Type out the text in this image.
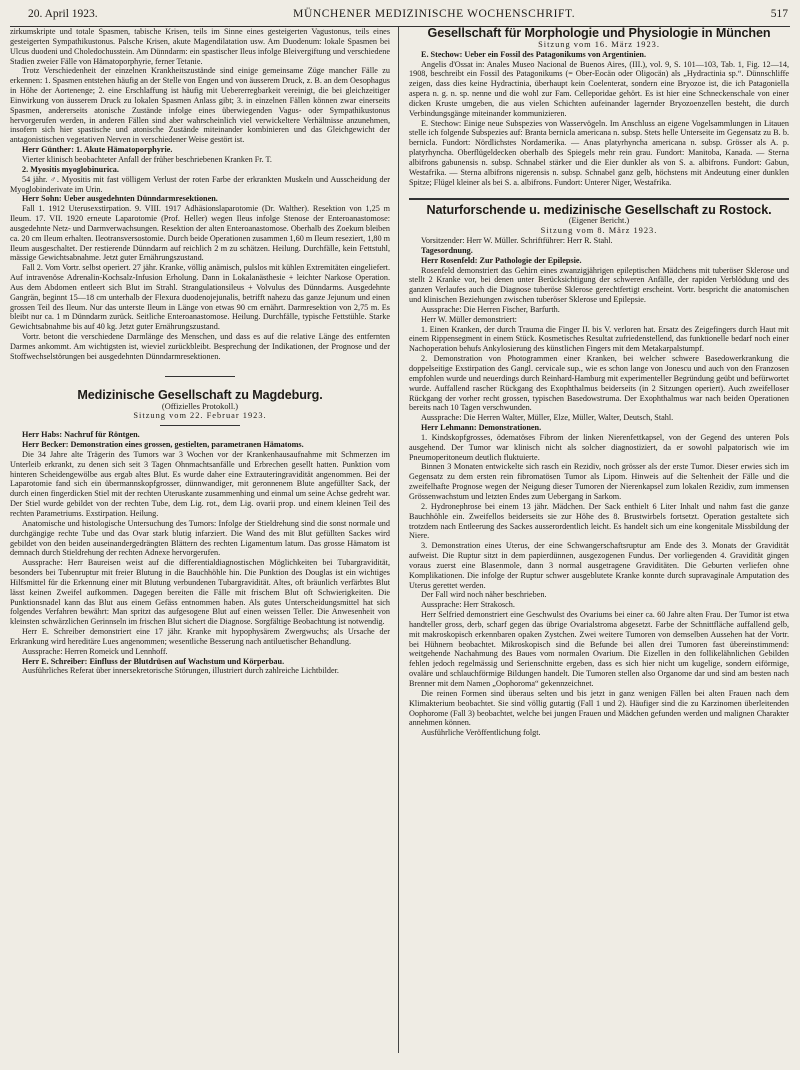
20. April 1923.	MÜNCHENER MEDIZINISCHE WOCHENSCHRIFT.	517

zirkumskripte und totale Spasmen, tabische Krisen, teils im Sinne eines gesteigerten Vagustonus, teils eines gesteigerten Sympathikustonus. Palsche Krisen, akute Magendilatation usw. Am Duodenum: lokale Spasmen bei Ulcus duodeni und Choledochusstein. Am Dünndarm: ein spastischer Ileus infolge Bleivergiftung und verschiedene Stadien zweier Fälle von Hämatoporphyrie, ferner Tetanie.

Trotz Verschiedenheit der einzelnen Krankheitszustände sind einige gemeinsame Züge mancher Fälle zu erkennen: 1. Spasmen entstehen häufig an der Stelle von Engen und von äusserem Druck, z. B. an dem Oesophagus in Höhe der Aortenenge; 2. eine Erschlaffung ist häufig mit Uebererregbarkeit vereinigt, die bei gleichzeitiger Einwirkung von äusserem Druck zu lokalen Spasmen Anlass gibt; 3. in einzelnen Fällen können zwar einerseits Spasmen, andererseits atonische Zustände infolge eines überwiegenden Vagus- oder Sympathikustonus hervorgerufen werden, in anderen Fällen sind aber wahrscheinlich viel verwickeltere Verhältnisse anzunehmen, insofern sich hier spastische und atonische Zustände miteinander kombinieren und das Gleichgewicht der antagonistischen vegetativen Nerven in verschiedener Weise gestört ist.

Herr Günther: 1. Akute Hämatoporphyrie.

Vierter klinisch beobachteter Anfall der früher beschriebenen Kranken Fr. T.

2. Myositis myoglobinurica.

54 jähr. ♂. Myositis mit fast völligem Verlust der roten Farbe der erkrankten Muskeln und Ausscheidung der Myoglobinderivate im Urin.

Herr Sohn: Ueber ausgedehnten Dünndarmresektionen.

Fall 1. 1912 Uterusexstirpation. 9. VIII. 1917 Adhäsionslaparotomie (Dr. Walther). Resektion von 1,25 m Ileum. 17. VII. 1920 erneute Laparotomie (Prof. Heller) wegen Ileus infolge Stenose der Enteroanastomose: ausgedehnte Netz- und Darmverwachsungen. Resektion der alten Enteroanastomose. Oberhalb des Zoekum bleiben ca. 20 cm Ileum erhalten. Ileotransversostomie. Durch beide Operationen zusammen 1,60 m Ileum reseziert, 1,80 m Ileum ausgeschaltet. Der restierende Dünndarm auf reichlich 2 m zu schätzen. Heilung. Durchfälle, kein Fettstuhl, mässige Gewichtsabnahme. Jetzt guter Ernährungszustand.

Fall 2. Vom Vortr. selbst operiert. 27 jähr. Kranke, völlig anämisch, pulslos mit kühlen Extremitäten eingeliefert. Auf intravenöse Adrenalin-Kochsalz-Infusion Erholung. Dann in Lokalanästhesie + leichter Narkose Operation. Aus dem Abdomen entleert sich Blut im Strahl. Strangulationsileus + Volvulus des Dünndarms. Ausgedehnte Gangrän, beginnt 15—18 cm unterhalb der Flexura duodenojejunalis, betrifft nahezu das ganze Jejunum und einen grossen Teil des Ileum. Nur das unterste Ileum in Länge von etwas 90 cm ernährt. Darmresektion von 2,75 m. Es bleibt nur ca. 1 m Dünndarm zurück. Seitliche Enteroanastomose. Heilung. Durchfälle, typische Fettstühle. Starke Gewichtsabnahme bis auf 40 kg. Jetzt guter Ernährungszustand.

Vortr. betont die verschiedene Darmlänge des Menschen, und dass es auf die relative Länge des entfernten Darmes ankommt. Am wichtigsten ist, wieviel zurückbleibt. Besprechung der Indikationen, der Prognose und der Stoffwechselstörungen bei ausgedehnten Dünndarmresektionen.

Medizinische Gesellschaft zu Magdeburg.
(Offizielles Protokoll.)
Sitzung vom 22. Februar 1923.

Herr Habs: Nachruf für Röntgen.

Herr Becker: Demonstration eines grossen, gestielten, parametranen Hämatoms.

Die 34 Jahre alte Trägerin des Tumors war 3 Wochen vor der Krankenhausaufnahme mit Schmerzen im Unterleib erkrankt, zu denen sich seit 3 Tagen Ohnmachtsanfälle und Erbrechen gesellt hatten. Punktion vom hinteren Scheidengewölbe aus ergab altes Blut. Es wurde daher eine Extrauteringravidität angenommen. Bei der Laparotomie fand sich ein übermannskopfgrosser, dünnwandiger, mit geronnenem Blute angefüllter Sack, der durch einen fingerdicken Stiel mit der rechten Uteruskante zusammenhing und einmal um seine Achse gedreht war. Der Stiel wurde gebildet von der rechten Tube, dem Lig. rot., dem Lig. ovarii prop. und einem kleinen Teil des rechten Parametriums. Exstirpation. Heilung.

Anatomische und histologische Untersuchung des Tumors: Infolge der Stieldrehung sind die sonst normale und durchgängige rechte Tube und das Ovar stark blutig infarziert. Die Wand des mit Blut gefüllten Sackes wird gebildet von den beiden auseinandergedrängten Blättern des rechten Ligamentum latum. Das grosse Hämatom ist demnach durch Stieldrehung der rechten Adnexe hervorgerufen.

Aussprache: Herr Baureisen weist auf die differentialdiagnostischen Möglichkeiten bei Tubargravidität, besonders bei Tubenruptur mit freier Blutung in die Bauchhöhle hin. Die Punktion des Douglas ist ein wichtiges Hilfsmittel für die Erkennung einer mit Blutung verbundenen Tubargravidität. Altes, oft bräunlich verfärbtes Blut lässt keinen Zweifel aufkommen. Dagegen bereiten die Fälle mit frischem Blut oft Schwierigkeiten. Die Punktionsnadel kann das Blut aus einem Gefäss entnommen haben. Als gutes Unterscheidungsmittel hat sich folgendes Verfahren bewährt: Man spritzt das aufgesogene Blut auf einen weissen Teller. Die Anwesenheit von kleinsten schwärzlichen Gerinnseln im frischen Blut sichert die Diagnose. Sorgfältige Beobachtung ist notwendig.

Herr E. Schreiber demonstriert eine 17 jähr. Kranke mit hypophysärem Zwergwuchs; als Ursache der Erkrankung wird hereditäre Lues angenommen; wesentliche Besserung nach antiluetischer Behandlung.

Aussprache: Herren Romeick und Lennhoff.

Herr E. Schreiber: Einfluss der Blutdrüsen auf Wachstum und Körperbau.

Ausführliches Referat über innersekretorische Störungen, illustriert durch zahlreiche Lichtbilder.

Gesellschaft für Morphologie und Physiologie in München
Sitzung vom 16. März 1923.

E. Stechow: Ueber ein Fossil des Patagonikums von Argentinien.

Angelis d'Ossat in: Anales Museo Nacional de Buenos Aires, (III.), vol. 9, S. 101—103, Tab. 1, Fig. 12—14, 1908, beschreibt ein Fossil des Patagonikums (= Ober-Eocän oder Oligocän) als „Hydractinia sp.“. Dünnschliffe zeigen, dass dies keine Hydractinia, überhaupt kein Coelenterat, sondern eine Bryozoe ist, die ich Patagoniella aspera n. g. n. sp. nenne und die wohl zur Fam. Celleporidae gehört. Es ist hier eine Schneckenschale von einer dicken Kruste umgeben, die aus vielen Schichten aufeinander lagernder Bryozoenzellen besteht, die durch Verbindungsgänge miteinander kommunizieren.

E. Stechow: Einige neue Subspezies von Wasservögeln. Im Anschluss an eigene Vogelsammlungen in Litauen stelle ich folgende Subspezies auf: Branta bernicla americana n. subsp. Stets helle Unterseite im Gegensatz zu B. b. bernicla. Fundort: Nördlichstes Nordamerika. — Anas platyrhyncha americana n. subsp. Grösser als A. p. platyrhyncha. Oberflügeldecken oberhalb des Spiegels mehr rein grau. Fundort: Manitoba, Kanada. — Sterna albifrons gabunensis n. subsp. Schnabel stärker und die Eier dunkler als von S. a. albifrons. Fundort: Gabun, Westafrika. — Sterna albifrons nigerensis n. subsp. Schnabel ganz gelb, höchstens mit Andeutung einer dunklen Spitze; Flügel kleiner als bei S. a. albifrons. Fundort: Unterer Niger, Westafrika.

Naturforschende u. medizinische Gesellschaft zu Rostock.
(Eigener Bericht.)
Sitzung vom 8. März 1923.

Vorsitzender: Herr W. Müller. Schriftführer: Herr R. Stahl.

Tagesordnung.

Herr Rosenfeld: Zur Pathologie der Epilepsie.

Rosenfeld demonstriert das Gehirn eines zwanzigjährigen epileptischen Mädchens mit tuberöser Sklerose und stellt 2 Kranke vor, bei denen unter Berücksichtigung der schweren Anfälle, der rapiden Verblödung und des ganzen Verlaufes auch die Diagnose tuberöse Sklerose gerechtfertigt erscheint. Vortr. bespricht die anatomischen und klinischen Beziehungen zwischen tuberöser Sklerose und Epilepsie.

Aussprache: Die Herren Fischer, Barfurth.

Herr W. Müller demonstriert:

1. Einen Kranken, der durch Trauma die Finger II. bis V. verloren hat. Ersatz des Zeigefingers durch Haut mit einem Rippensegment in einem Stück. Kosmetisches Resultat zufriedenstellend, das funktionelle bedarf noch einer Nachoperation behufs Ankylosierung des künstlichen Fingers mit dem Metakarpalstumpf.

2. Demonstration von Photogrammen einer Kranken, bei welcher schwere Basedowerkrankung die doppelseitige Exstirpation des Gangl. cervicale sup., wie es schon lange von Jonescu und auch von den Franzosen empfohlen wurde und neuerdings durch Reinhard-Hamburg mit experimenteller Begründung geübt und befürwortet wurde. Auffallend rascher Rückgang des Exophthalmus beiderseits (in 2 Sitzungen operiert). Auch zweifelloser Rückgang der vorher recht grossen, typischen Basedowstruma. Der Exophthalmus war nach beiden Operationen bereits nach 10 Tagen verschwunden.

Aussprache: Die Herren Walter, Müller, Elze, Müller, Walter, Deutsch, Stahl.

Herr Lehmann: Demonstrationen.

1. Kindskopfgrosses, ödematöses Fibrom der linken Nierenfettkapsel, von der Gegend des unteren Pols ausgehend. Der Tumor war klinisch nicht als solcher diagnostiziert, da er sowohl palpatorisch wie im Pneumoperitoneum deutlich fluktuierte.

Binnen 3 Monaten entwickelte sich rasch ein Rezidiv, noch grösser als der erste Tumor. Dieser erwies sich im Gegensatz zu dem ersten rein fibromatösen Tumor als Lipom. Hinweis auf die Seltenheit der Fälle und die zweifelhafte Prognose wegen der Neigung dieser Tumoren der Nierenkapsel zum lokalen Rezidiv, zum immensen Grössenwachstum und letzten Endes zum Uebergang in Sarkom.

2. Hydronephrose bei einem 13 jähr. Mädchen. Der Sack enthielt 6 Liter Inhalt und nahm fast die ganze Bauchhöhle ein. Zweifellos beiderseits sie zur Höhe des 8. Brustwirbels fortsetzt. Operation gestaltete sich trotzdem nach Entleerung des Sackes ausserordentlich leicht. Es handelt sich um eine kongenitale Missbildung der Niere.

3. Demonstration eines Uterus, der eine Schwangerschaftsruptur am Ende des 3. Monats der Gravidität aufweist. Die Ruptur sitzt in dem papierdünnen, ausgezogenen Fundus. Der vorliegenden 4. Gravidität gingen voraus zuerst eine Blasenmole, dann 3 normal ausgetragene Graviditäten. Die Geburten verliefen ohne Komplikationen. Die infolge der Ruptur schwer ausgeblutete Kranke konnte durch supravaginale Amputation des Uterus gerettet werden.

Der Fall wird noch näher beschrieben.

Aussprache: Herr Strakosch.

Herr Selfried demonstriert eine Geschwulst des Ovariums bei einer ca. 60 Jahre alten Frau. Der Tumor ist etwa handteller gross, derb, scharf gegen das übrige Ovarialstroma abgesetzt. Farbe der Schnittfläche auffallend gelb, mit makroskopisch erkennbaren opaken Zystchen. Zwei weitere Tumoren von demselben Aussehen hat der Vortr. bei Hühnern beobachtet. Mikroskopisch sind die Befunde bei allen drei Tumoren fast übereinstimmend: weitgehende Nachahmung des Baues vom normalen Ovarium. Die Eizellen in den follikelähnlichen Gebilden fehlen jedoch regelmässig und Serienschnitte ergeben, dass es sich hier nicht um kugelige, sondern eiförmige, ovaläre und schlauchförmige Bildungen handelt. Die Tumoren stellen also Organome dar und sind am besten nach Brenner mit dem Namen „Oophoroma“ gekennzeichnet.

Die reinen Formen sind überaus selten und bis jetzt in ganz wenigen Fällen bei alten Frauen nach dem Klimakterium beobachtet. Sie sind völlig gutartig (Fall 1 und 2). Häufiger sind die zu Karzinomen überleitenden Oophorome (Fall 3) beobachtet, welche bei jungen Frauen und Mädchen gefunden werden und malignen Charakter annehmen können.

Ausführliche Veröffentlichung folgt.
